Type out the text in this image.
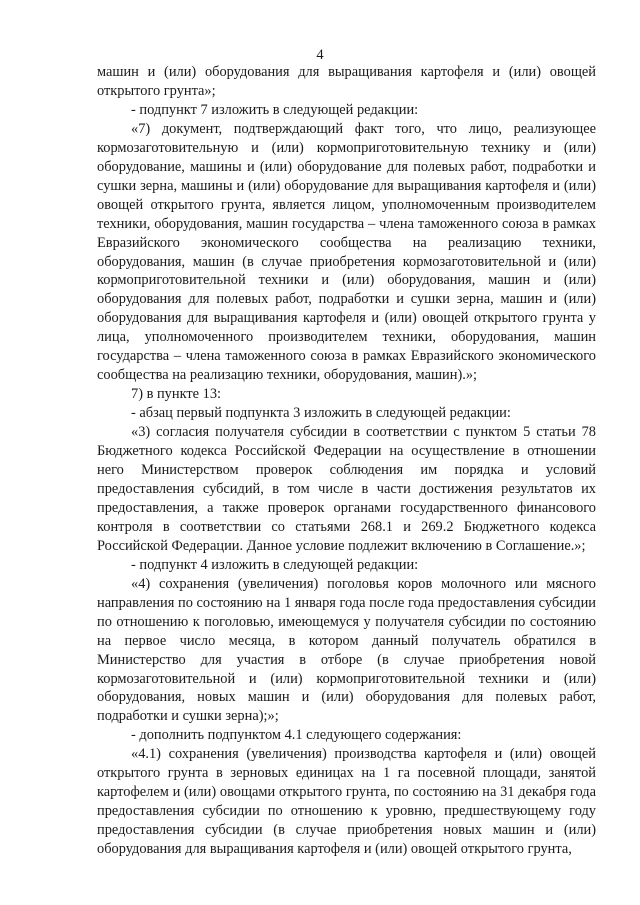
4

машин и (или) оборудования для выращивания картофеля и (или) овощей открытого грунта»;

- подпункт 7 изложить в следующей редакции:

«7) документ, подтверждающий факт того, что лицо, реализующее кормозаготовительную и (или) кормоприготовительную технику и (или) оборудование, машины и (или) оборудование для полевых работ, подработки и сушки зерна, машины и (или) оборудование для выращивания картофеля и (или) овощей открытого грунта, является лицом, уполномоченным производителем техники, оборудования, машин государства – члена таможенного союза в рамках Евразийского экономического сообщества на реализацию техники, оборудования, машин (в случае приобретения кормозаготовительной и (или) кормоприготовительной техники и (или) оборудования, машин и (или) оборудования для полевых работ, подработки и сушки зерна, машин и (или) оборудования для выращивания картофеля и (или) овощей открытого грунта у лица, уполномоченного производителем техники, оборудования, машин государства – члена таможенного союза в рамках Евразийского экономического сообщества на реализацию техники, оборудования, машин).»;

7) в пункте 13:

- абзац первый подпункта 3 изложить в следующей редакции:

«3) согласия получателя субсидии в соответствии с пунктом 5 статьи 78 Бюджетного кодекса Российской Федерации на осуществление в отношении него Министерством проверок соблюдения им порядка и условий предоставления субсидий, в том числе в части достижения результатов их предоставления, а также проверок органами государственного финансового контроля в соответствии со статьями 268.1 и 269.2 Бюджетного кодекса Российской Федерации. Данное условие подлежит включению в Соглашение.»;

- подпункт 4 изложить в следующей редакции:

«4) сохранения (увеличения) поголовья коров молочного или мясного направления по состоянию на 1 января года после года предоставления субсидии по отношению к поголовью, имеющемуся у получателя субсидии по состоянию на первое число месяца, в котором данный получатель обратился в Министерство для участия в отборе (в случае приобретения новой кормозаготовительной и (или) кормоприготовительной техники и (или) оборудования, новых машин и (или) оборудования для полевых работ, подработки и сушки зерна);»;

- дополнить подпунктом 4.1 следующего содержания:

«4.1) сохранения (увеличения) производства картофеля и (или) овощей открытого грунта в зерновых единицах на 1 га посевной площади, занятой картофелем и (или) овощами открытого грунта, по состоянию на 31 декабря года предоставления субсидии по отношению к уровню, предшествующему году предоставления субсидии (в случае приобретения новых машин и (или) оборудования для выращивания картофеля и (или) овощей открытого грунта,
